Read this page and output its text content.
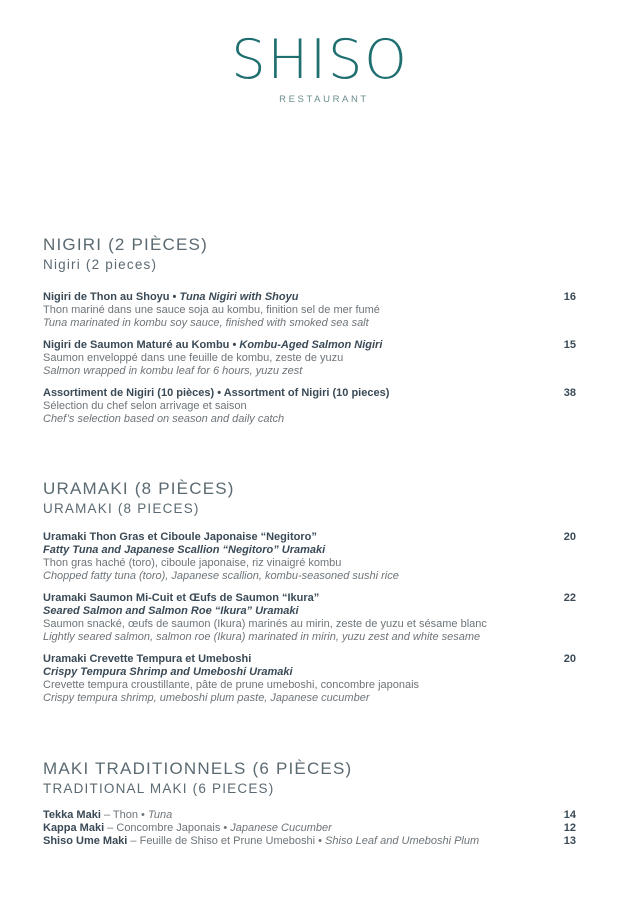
SHISO
RESTAURANT
NIGIRI (2 PIÈCES)
Nigiri (2 pieces)
Nigiri de Thon au Shoyu • Tuna Nigiri with Shoyu
Thon mariné dans une sauce soja au kombu, finition sel de mer fumé
Tuna marinated in kombu soy sauce, finished with smoked sea salt
16
Nigiri de Saumon Maturé au Kombu • Kombu-Aged Salmon Nigiri
Saumon enveloppé dans une feuille de kombu, zeste de yuzu
Salmon wrapped in kombu leaf for 6 hours, yuzu zest
15
Assortiment de Nigiri (10 pièces) • Assortment of Nigiri (10 pieces)
Sélection du chef selon arrivage et saison
Chef’s selection based on season and daily catch
38
URAMAKI (8 PIÈCES)
URAMAKI (8 PIECES)
Uramaki Thon Gras et Ciboule Japonaise “Negitoro”
Fatty Tuna and Japanese Scallion “Negitoro” Uramaki
Thon gras haché (toro), ciboule japonaise, riz vinaigré kombu
Chopped fatty tuna (toro), Japanese scallion, kombu-seasoned sushi rice
20
Uramaki Saumon Mi-Cuit et Œufs de Saumon “Ikura”
Seared Salmon and Salmon Roe “Ikura” Uramaki
Saumon snacké, œufs de saumon (Ikura) marinés au mirin, zeste de yuzu et sésame blanc
Lightly seared salmon, salmon roe (Ikura) marinated in mirin, yuzu zest and white sesame
22
Uramaki Crevette Tempura et Umeboshi
Crispy Tempura Shrimp and Umeboshi Uramaki
Crevette tempura croustillante, pâte de prune umeboshi, concombre japonais
Crispy tempura shrimp, umeboshi plum paste, Japanese cucumber
20
MAKI TRADITIONNELS (6 PIÈCES)
TRADITIONAL MAKI (6 PIECES)
Tekka Maki – Thon • Tuna	14
Kappa Maki – Concombre Japonais • Japanese Cucumber	12
Shiso Ume Maki – Feuille de Shiso et Prune Umeboshi • Shiso Leaf and Umeboshi Plum	13
